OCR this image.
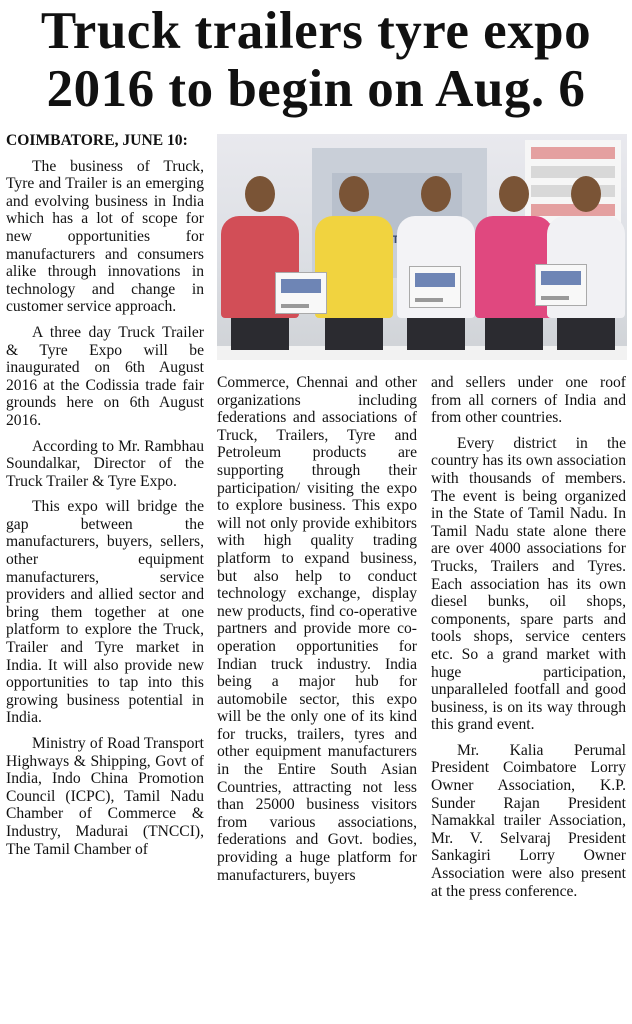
Truck trailers tyre expo
2016 to begin on Aug. 6

COIMBATORE, JUNE 10:

The business of Truck, Tyre and Trailer is an emerging and evolving business in India which has a lot of scope for new opportunities for manufacturers and consumers alike through innovations in technology and change in customer service approach.

A three day Truck Trailer & Tyre Expo will be inaugurated on 6th August 2016 at the Codissia trade fair grounds here on 6th August 2016.

According to Mr. Rambhau Soundalkar, Director of the Truck Trailer & Tyre Expo.

This expo will bridge the gap between the manufacturers, buyers, sellers, other equipment manufacturers, service providers and allied sector and bring them together at one platform to explore the Truck, Trailer and Tyre market in India. It will also provide new opportunities to tap into this growing business potential in India.

Ministry of Road Transport Highways & Shipping, Govt of India, Indo China Promotion Council (ICPC), Tamil Nadu Chamber of Commerce & Industry, Madurai (TNCCI), The Tamil Chamber of

Commerce, Chennai and other organizations including federations and associations of Truck, Trailers, Tyre and Petroleum products are supporting through their participation/ visiting the expo to explore business. This expo will not only provide exhibitors with high quality trading platform to expand business, but also help to conduct technology exchange, display new products, find co-operative partners and provide more co-operation opportunities for Indian truck industry. India being a major hub for automobile sector, this expo will be the only one of its kind for trucks, trailers, tyres and other equipment manufacturers in the Entire South Asian Countries, attracting not less than 25000 business visitors from various associations, federations and Govt. bodies, providing a huge platform for manufacturers, buyers

and sellers under one roof from all corners of India and from other countries.

Every district in the country has its own association with thousands of members. The event is being organized in the State of Tamil Nadu. In Tamil Nadu state alone there are over 4000 associations for Trucks, Trailers and Tyres. Each association has its own diesel bunks, oil shops, components, spare parts and tools shops, service centers etc. So a grand market with huge participation, unparalleled footfall and good business, is on its way through this grand event.

Mr. Kalia Perumal President Coimbatore Lorry Owner Association, K.P. Sunder Rajan President Namakkal trailer Association, Mr. V. Selvaraj President Sankagiri Lorry Owner Association were also present at the press conference.
